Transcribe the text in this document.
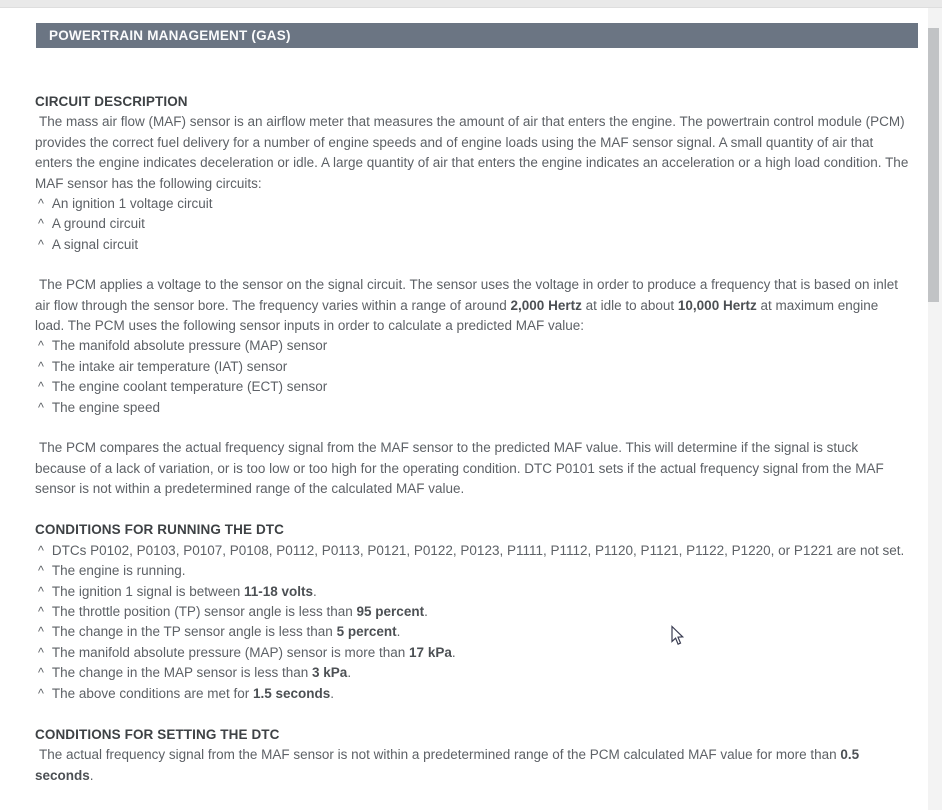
POWERTRAIN MANAGEMENT (GAS)
CIRCUIT DESCRIPTION
The mass air flow (MAF) sensor is an airflow meter that measures the amount of air that enters the engine. The powertrain control module (PCM) provides the correct fuel delivery for a number of engine speeds and of engine loads using the MAF sensor signal. A small quantity of air that enters the engine indicates deceleration or idle. A large quantity of air that enters the engine indicates an acceleration or a high load condition. The MAF sensor has the following circuits:
^ An ignition 1 voltage circuit
^ A ground circuit
^ A signal circuit
The PCM applies a voltage to the sensor on the signal circuit. The sensor uses the voltage in order to produce a frequency that is based on inlet air flow through the sensor bore. The frequency varies within a range of around 2,000 Hertz at idle to about 10,000 Hertz at maximum engine load. The PCM uses the following sensor inputs in order to calculate a predicted MAF value:
^ The manifold absolute pressure (MAP) sensor
^ The intake air temperature (IAT) sensor
^ The engine coolant temperature (ECT) sensor
^ The engine speed
The PCM compares the actual frequency signal from the MAF sensor to the predicted MAF value. This will determine if the signal is stuck because of a lack of variation, or is too low or too high for the operating condition. DTC P0101 sets if the actual frequency signal from the MAF sensor is not within a predetermined range of the calculated MAF value.
CONDITIONS FOR RUNNING THE DTC
^ DTCs P0102, P0103, P0107, P0108, P0112, P0113, P0121, P0122, P0123, P1111, P1112, P1120, P1121, P1122, P1220, or P1221 are not set.
^ The engine is running.
^ The ignition 1 signal is between 11-18 volts.
^ The throttle position (TP) sensor angle is less than 95 percent.
^ The change in the TP sensor angle is less than 5 percent.
^ The manifold absolute pressure (MAP) sensor is more than 17 kPa.
^ The change in the MAP sensor is less than 3 kPa.
^ The above conditions are met for 1.5 seconds.
CONDITIONS FOR SETTING THE DTC
The actual frequency signal from the MAF sensor is not within a predetermined range of the PCM calculated MAF value for more than 0.5 seconds.
